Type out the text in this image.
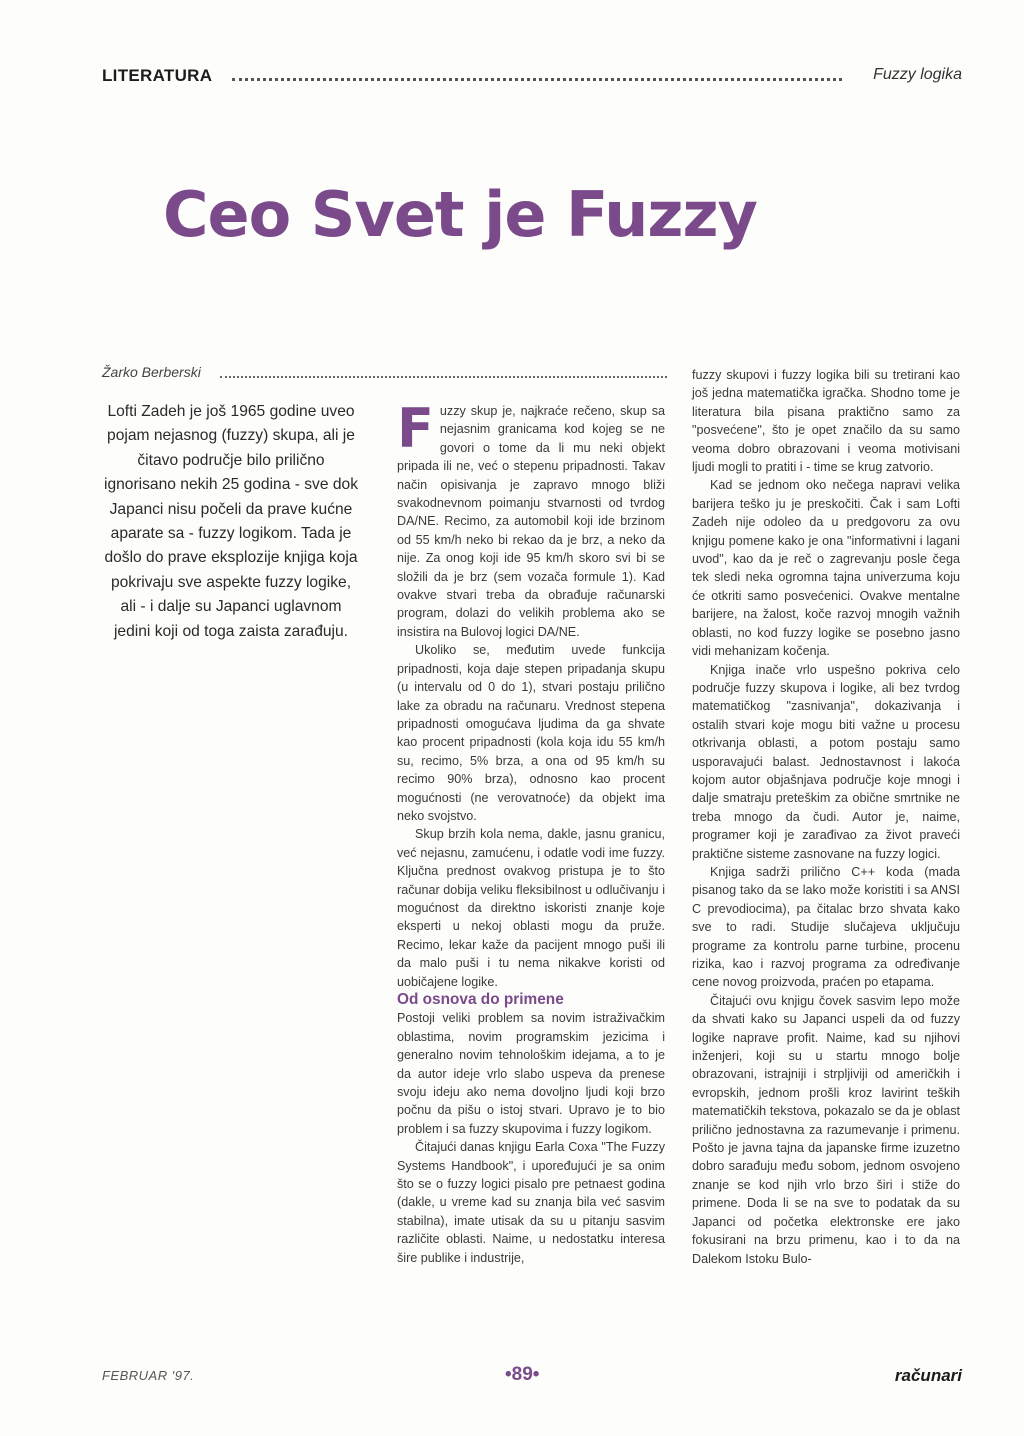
LITERATURA	Fuzzy logika
Ceo Svet je Fuzzy
Žarko Berberski
Lofti Zadeh je još 1965 godine uveo pojam nejasnog (fuzzy) skupa, ali je čitavo područje bilo prilično ignorisano nekih 25 godina - sve dok Japanci nisu počeli da prave kućne aparate sa - fuzzy logikom. Tada je došlo do prave eksplozije knjiga koja pokrivaju sve aspekte fuzzy logike, ali - i dalje su Japanci uglavnom jedini koji od toga zaista zarađuju.

Fuzzy skup je, najkraće rečeno, skup sa nejasnim granicama kod kojeg se ne govori o tome da li mu neki objekt pripada ili ne, već o stepenu pripadnosti. Takav način opisivanja je zapravo mnogo bliži svakodnevnom poimanju stvarnosti od tvrdog DA/NE. Recimo, za automobil koji ide brzinom od 55 km/h neko bi rekao da je brz, a neko da nije. Za onog koji ide 95 km/h skoro svi bi se složili da je brz (sem vozača formule 1). Kad ovakve stvari treba da obrađuje računarski program, dolazi do velikih problema ako se insistira na Bulovoj logici DA/NE.

Ukoliko se, međutim uvede funkcija pripadnosti, koja daje stepen pripadanja skupu (u intervalu od 0 do 1), stvari postaju prilično lake za obradu na računaru. Vrednost stepena pripadnosti omogućava ljudima da ga shvate kao procent pripadnosti (kola koja idu 55 km/h su, recimo, 5% brza, a ona od 95 km/h su recimo 90% brza), odnosno kao procent mogućnosti (ne verovatnoće) da objekt ima neko svojstvo.

Skup brzih kola nema, dakle, jasnu granicu, već nejasnu, zamućenu, i odatle vodi ime fuzzy. Ključna prednost ovakvog pristupa je to što računar dobija veliku fleksibilnost u odlučivanju i mogućnost da direktno iskoristi znanje koje eksperti u nekoj oblasti mogu da pruže. Recimo, lekar kaže da pacijent mnogo puši ili da malo puši i tu nema nikakve koristi od uobičajene logike.

Od osnova do primene

Postoji veliki problem sa novim istraživačkim oblastima, novim programskim jezicima i generalno novim tehnološkim idejama, a to je da autor ideje vrlo slabo uspeva da prenese svoju ideju ako nema dovoljno ljudi koji brzo počnu da pišu o istoj stvari. Upravo je to bio problem i sa fuzzy skupovima i fuzzy logikom.

Čitajući danas knjigu Earla Coxa "The Fuzzy Systems Handbook", i upoređujući je sa onim što se o fuzzy logici pisalo pre petnaest godina (dakle, u vreme kad su znanja bila već sasvim stabilna), imate utisak da su u pitanju sasvim različite oblasti. Naime, u nedostatku interesa šire publike i industrije,

fuzzy skupovi i fuzzy logika bili su tretirani kao još jedna matematička igračka. Shodno tome je literatura bila pisana praktično samo za "posvećene", što je opet značilo da su samo veoma dobro obrazovani i veoma motivisani ljudi mogli to pratiti i - time se krug zatvorio.

Kad se jednom oko nečega napravi velika barijera teško ju je preskočiti. Čak i sam Lofti Zadeh nije odoleo da u predgovoru za ovu knjigu pomene kako je ona "informativni i lagani uvod", kao da je reč o zagrevanju posle čega tek sledi neka ogromna tajna univerzuma koju će otkriti samo posvećenici. Ovakve mentalne barijere, na žalost, koče razvoj mnogih važnih oblasti, no kod fuzzy logike se posebno jasno vidi mehanizam kočenja.

Knjiga inače vrlo uspešno pokriva celo područje fuzzy skupova i logike, ali bez tvrdog matematičkog "zasnivanja", dokazivanja i ostalih stvari koje mogu biti važne u procesu otkrivanja oblasti, a potom postaju samo usporavajući balast. Jednostavnost i lakoća kojom autor objašnjava područje koje mnogi i dalje smatraju preteškim za obične smrtnike ne treba mnogo da čudi. Autor je, naime, programer koji je zarađivao za život praveći praktične sisteme zasnovane na fuzzy logici.

Knjiga sadrži prilično C++ koda (mada pisanog tako da se lako može koristiti i sa ANSI C prevodiocima), pa čitalac brzo shvata kako sve to radi. Studije slučajeva uključuju programe za kontrolu parne turbine, procenu rizika, kao i razvoj programa za određivanje cene novog proizvoda, praćen po etapama.

Čitajući ovu knjigu čovek sasvim lepo može da shvati kako su Japanci uspeli da od fuzzy logike naprave profit. Naime, kad su njihovi inženjeri, koji su u startu mnogo bolje obrazovani, istrajniji i strpljiviji od američkih i evropskih, jednom prošli kroz lavirint teških matematičkih tekstova, pokazalo se da je oblast prilično jednostavna za razumevanje i primenu. Pošto je javna tajna da japanske firme izuzetno dobro sarađuju među sobom, jednom osvojeno znanje se kod njih vrlo brzo širi i stiže do primene. Doda li se na sve to podatak da su Japanci od početka elektronske ere jako fokusirani na brzu primenu, kao i to da na Dalekom Istoku Bulo-

FEBRUAR '97.	•89•	računari
